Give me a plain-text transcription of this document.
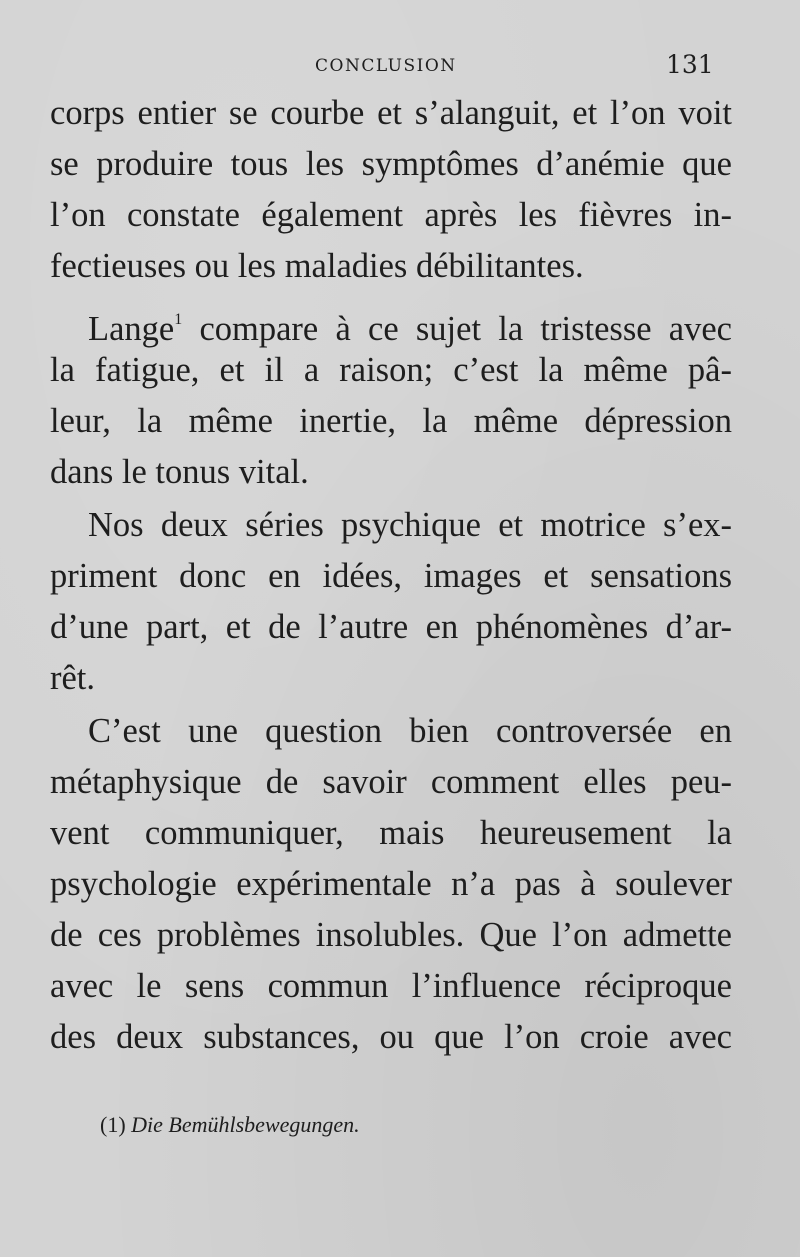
CONCLUSION	131
corps entier se courbe et s’alanguit, et l’on voit
se produire tous les symptômes d’anémie que
l’on constate également après les fièvres in-
fectieuses ou les maladies débilitantes.
Lange$^1$ compare à ce sujet la tristesse avec
la fatigue, et il a raison; c’est la même pâ-
leur, la même inertie, la même dépression
dans le tonus vital.
Nos deux séries psychique et motrice s’ex-
priment donc en idées, images et sensations
d’une part, et de l’autre en phénomènes d’ar-
rêt.
C’est une question bien controversée en
métaphysique de savoir comment elles peu-
vent communiquer, mais heureusement la
psychologie expérimentale n’a pas à soulever
de ces problèmes insolubles. Que l’on admette
avec le sens commun l’influence réciproque
des deux substances, ou que l’on croie avec
(1) Die Bemühlsbewegungen.
